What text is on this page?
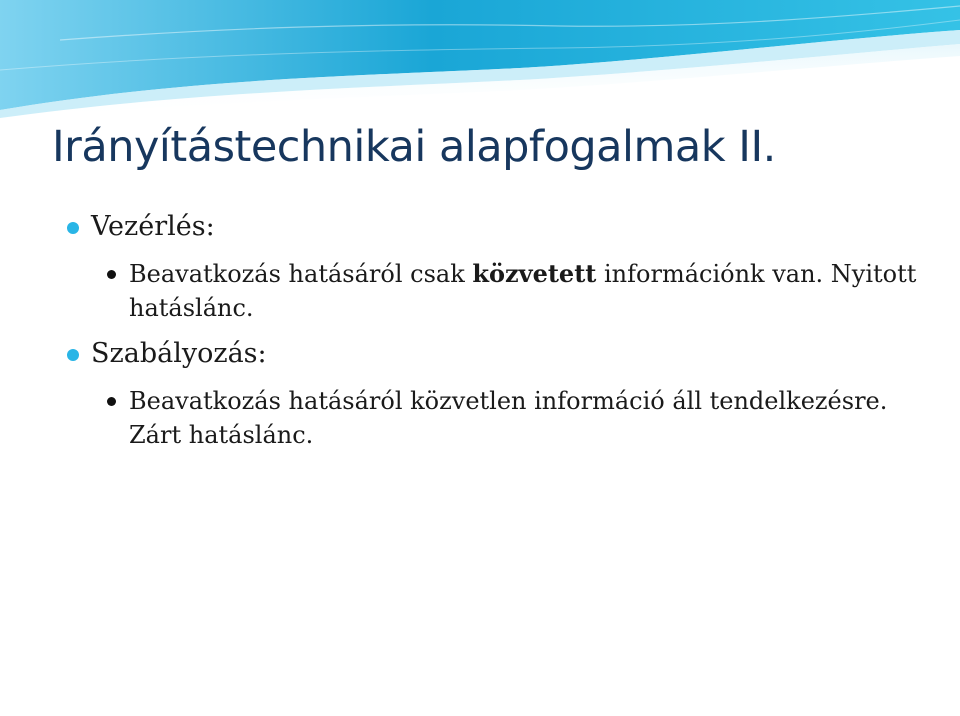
Irányítástechnikai alapfogalmak II.
Vezérlés:
Beavatkozás hatásáról csak közvetett információnk van. Nyitott hatáslánc.
Szabályozás:
Beavatkozás hatásáról közvetlen információ áll tendelkezésre. Zárt hatáslánc.
